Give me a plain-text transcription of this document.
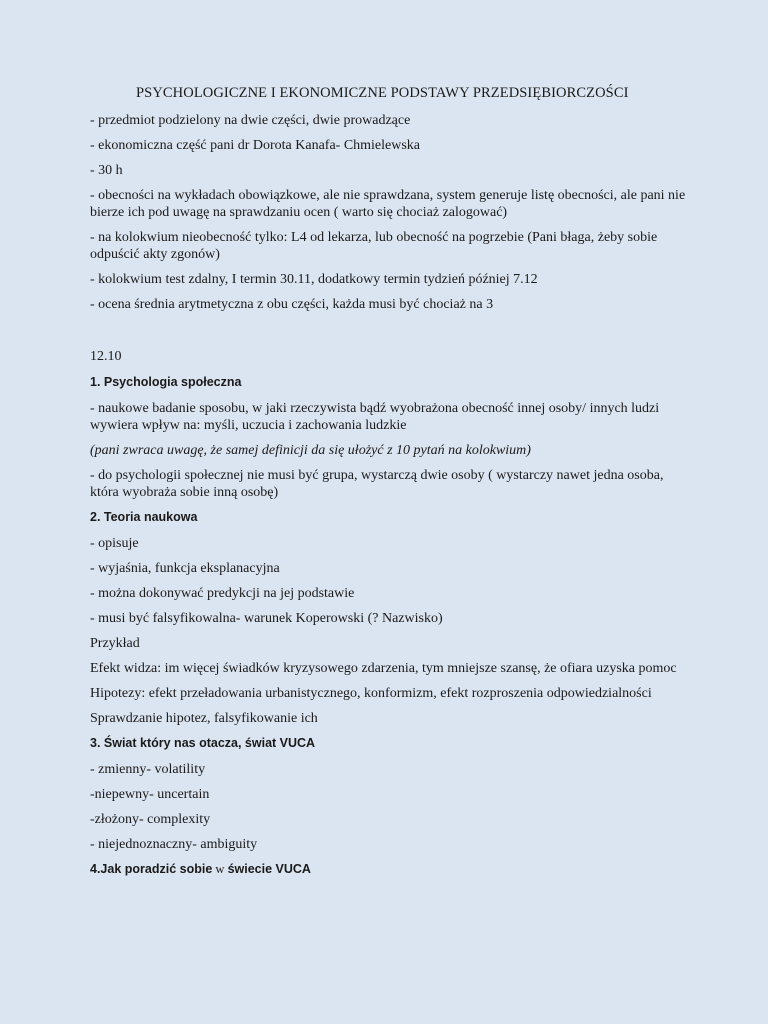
PSYCHOLOGICZNE I EKONOMICZNE PODSTAWY PRZEDSIĘBIORCZOŚCI
- przedmiot podzielony na dwie części, dwie prowadzące
- ekonomiczna część pani dr Dorota Kanafa- Chmielewska
- 30 h
- obecności na wykładach obowiązkowe, ale nie sprawdzana, system generuje listę obecności, ale pani nie bierze ich pod uwagę na sprawdzaniu ocen ( warto się chociaż zalogować)
- na kolokwium nieobecność tylko: L4 od lekarza, lub obecność na pogrzebie (Pani błaga, żeby sobie odpuścić akty zgonów)
- kolokwium test zdalny, I termin 30.11, dodatkowy termin tydzień później 7.12
- ocena średnia arytmetyczna z obu części, każda musi być chociaż na 3
12.10
1. Psychologia społeczna
- naukowe badanie sposobu, w jaki rzeczywista bądź wyobrażona obecność innej osoby/ innych ludzi wywiera wpływ na: myśli, uczucia i zachowania ludzkie
(pani zwraca uwagę, że samej definicji da się ułożyć z 10 pytań na kolokwium)
- do psychologii społecznej nie musi być grupa, wystarczą dwie osoby ( wystarczy nawet jedna osoba, która wyobraża sobie inną osobę)
2. Teoria naukowa
- opisuje
- wyjaśnia, funkcja eksplanacyjna
- można dokonywać predykcji na jej podstawie
- musi być falsyfikowalna- warunek Koperowski (? Nazwisko)
Przykład
Efekt widza: im więcej świadków kryzysowego zdarzenia, tym mniejsze szansę, że ofiara uzyska pomoc
Hipotezy: efekt przeładowania urbanistycznego, konformizm, efekt rozproszenia odpowiedzialności
Sprawdzanie hipotez, falsyfikowanie ich
3. Świat który nas otacza, świat VUCA
- zmienny- volatility
-niepewny- uncertain
-złożony- complexity
- niejednoznaczny- ambiguity
4.Jak poradzić sobie w świecie VUCA
